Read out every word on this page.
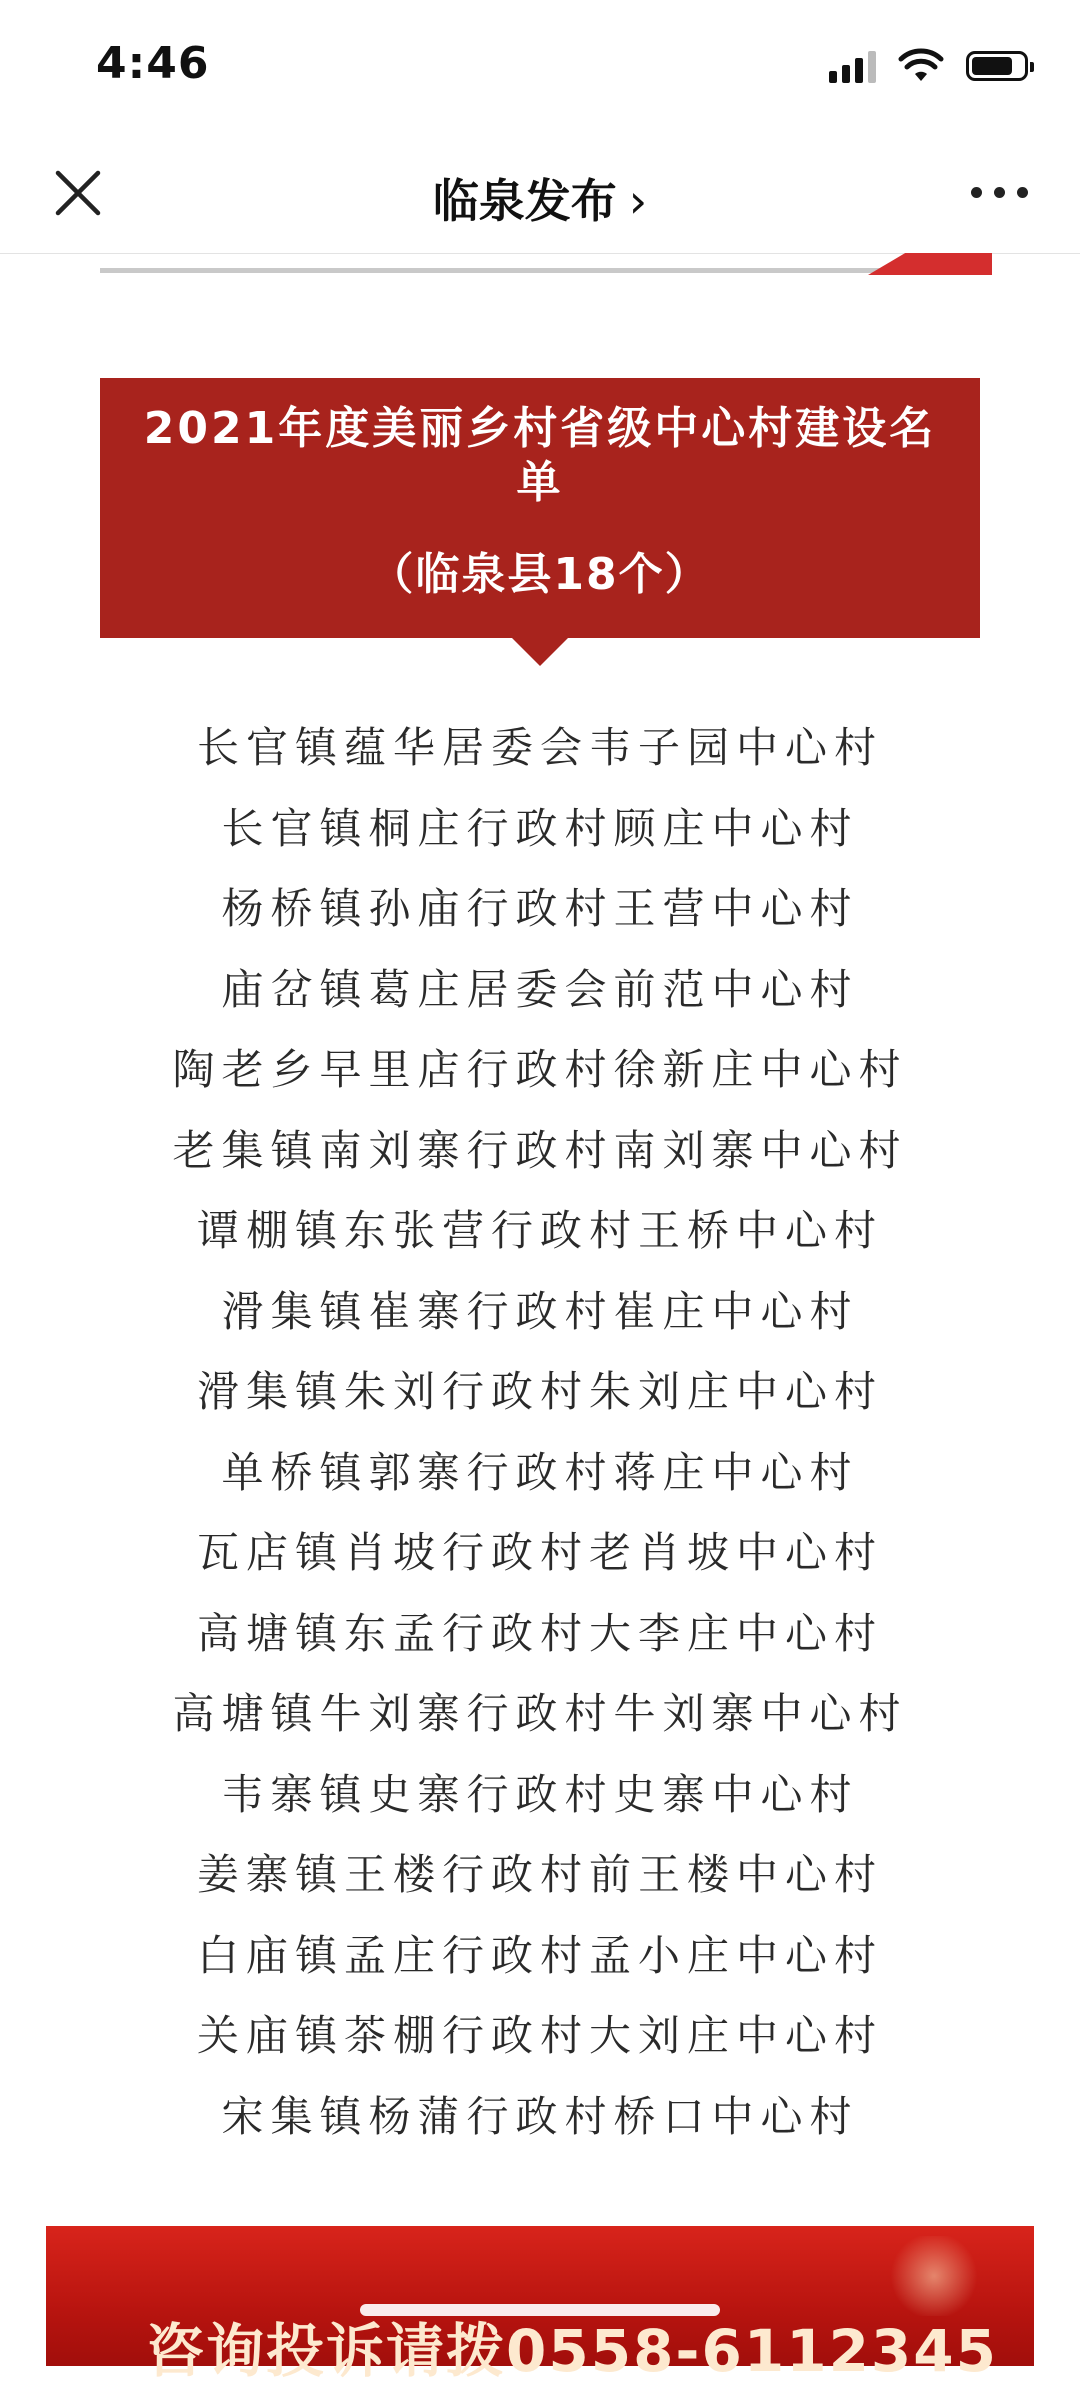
4:46
临泉发布 ›
2021年度美丽乡村省级中心村建设名单
（临泉县18个）
长官镇蕴华居委会韦子园中心村
长官镇桐庄行政村顾庄中心村
杨桥镇孙庙行政村王营中心村
庙岔镇葛庄居委会前范中心村
陶老乡早里店行政村徐新庄中心村
老集镇南刘寨行政村南刘寨中心村
谭棚镇东张营行政村王桥中心村
滑集镇崔寨行政村崔庄中心村
滑集镇朱刘行政村朱刘庄中心村
单桥镇郭寨行政村蒋庄中心村
瓦店镇肖坡行政村老肖坡中心村
高塘镇东孟行政村大李庄中心村
高塘镇牛刘寨行政村牛刘寨中心村
韦寨镇史寨行政村史寨中心村
姜寨镇王楼行政村前王楼中心村
白庙镇孟庄行政村孟小庄中心村
关庙镇茶棚行政村大刘庄中心村
宋集镇杨蒲行政村桥口中心村
咨询投诉请拨0558-6112345
